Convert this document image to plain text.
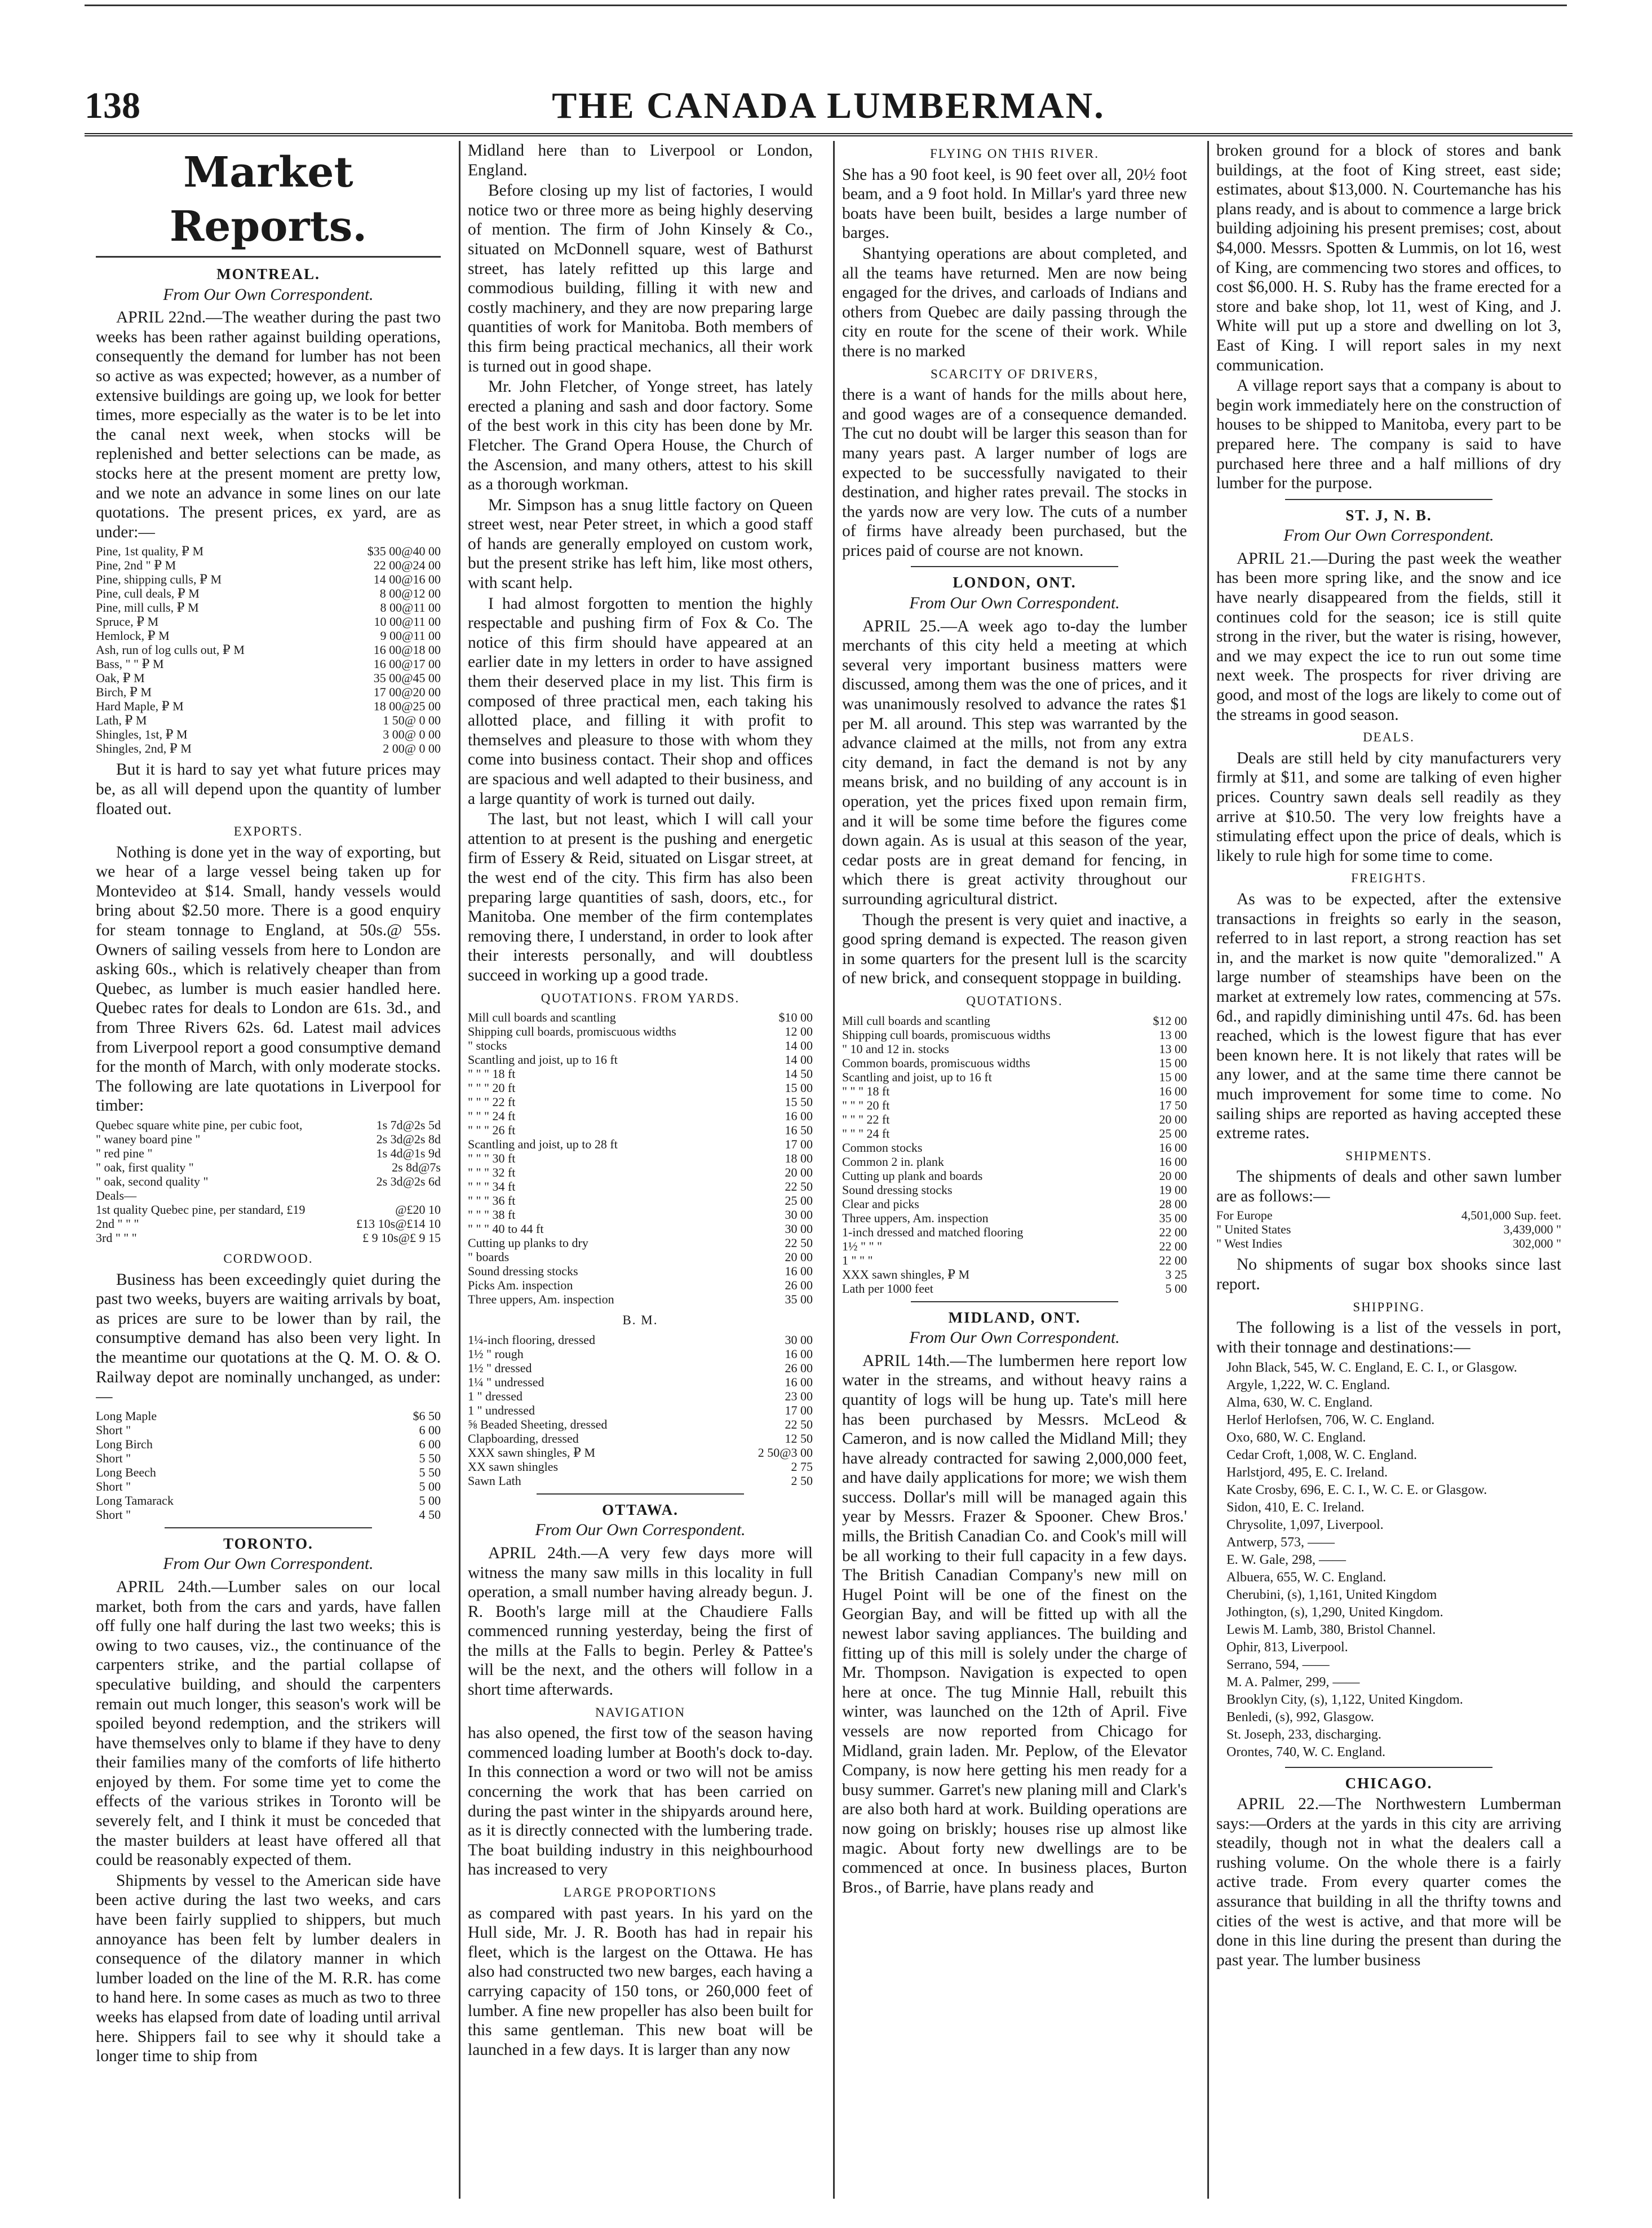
138	THE CANADA LUMBERMAN.
Market Reports.
MONTREAL.
From Our Own Correspondent.

APRIL 22nd.—The weather during the past two weeks has been rather against building operations, consequently the demand for lumber has not been so active as was expected; however, as a number of extensive buildings are going up, we look for better times, more especially as the water is to be let into the canal next week, when stocks will be replenished and better selections can be made, as stocks here at the present moment are pretty low, and we note an advance in some lines on our late quotations. The present prices, ex yard, are as under:—

Pine, 1st quality, ₽ M	$35 00@40 00
Pine, 2nd " ₽ M	22 00@24 00
Pine, shipping culls, ₽ M	14 00@16 00
Pine, cull deals, ₽ M	8 00@12 00
Pine, mill culls, ₽ M	8 00@11 00
Spruce, ₽ M	10 00@11 00
Hemlock, ₽ M	9 00@11 00
Ash, run of log culls out, ₽ M	16 00@18 00
Bass, " " ₽ M	16 00@17 00
Oak, ₽ M	35 00@45 00
Birch, ₽ M	17 00@20 00
Hard Maple, ₽ M	18 00@25 00
Lath, ₽ M	1 50@ 0 00
Shingles, 1st, ₽ M	3 00@ 0 00
Shingles, 2nd, ₽ M	2 00@ 0 00

But it is hard to say yet what future prices may be, as all will depend upon the quantity of lumber floated out.

EXPORTS.

Nothing is done yet in the way of exporting, but we hear of a large vessel being taken up for Montevideo at $14. Small, handy vessels would bring about $2.50 more. There is a good enquiry for steam tonnage to England, at 50s.@ 55s. Owners of sailing vessels from here to London are asking 60s., which is relatively cheaper than from Quebec, as lumber is much easier handled here. Quebec rates for deals to London are 61s. 3d., and from Three Rivers 62s. 6d. Latest mail advices from Liverpool report a good consumptive demand for the month of March, with only moderate stocks. The following are late quotations in Liverpool for timber:

Quebec square white pine, per cubic foot,	1s 7d@2s 5d
" waney board pine "	2s 3d@2s 8d
" red pine "	1s 4d@1s 9d
" oak, first quality "	2s 8d@7s
" oak, second quality "	2s 3d@2s 6d
Deals—	
1st quality Quebec pine, per standard, £19	@£20 10
2nd " " "	£13 10s@£14 10
3rd " " "	£ 9 10s@£ 9 15
CORDWOOD.

Business has been exceedingly quiet during the past two weeks, buyers are waiting arrivals by boat, as prices are sure to be lower than by rail, the consumptive demand has also been very light. In the meantime our quotations at the Q. M. O. & O. Railway depot are nominally unchanged, as under:—

Long Maple	$6 50
Short "	6 00
Long Birch	6 00
Short "	5 50
Long Beech	5 50
Short "	5 00
Long Tamarack	5 00
Short "	4 50
TORONTO.
From Our Own Correspondent.

APRIL 24th.—Lumber sales on our local market, both from the cars and yards, have fallen off fully one half during the last two weeks; this is owing to two causes, viz., the continuance of the carpenters strike, and the partial collapse of speculative building, and should the carpenters remain out much longer, this season's work will be spoiled beyond redemption, and the strikers will have themselves only to blame if they have to deny their families many of the comforts of life hitherto enjoyed by them. For some time yet to come the effects of the various strikes in Toronto will be severely felt, and I think it must be conceded that the master builders at least have offered all that could be reasonably expected of them.

Shipments by vessel to the American side have been active during the last two weeks, and cars have been fairly supplied to shippers, but much annoyance has been felt by lumber dealers in consequence of the dilatory manner in which lumber loaded on the line of the M. R.R. has come to hand here. In some cases as much as two to three weeks has elapsed from date of loading until arrival here. Shippers fail to see why it should take a longer time to ship from

Midland here than to Liverpool or London, England.

Before closing up my list of factories, I would notice two or three more as being highly deserving of mention. The firm of John Kinsely & Co., situated on McDonnell square, west of Bathurst street, has lately refitted up this large and commodious building, filling it with new and costly machinery, and they are now preparing large quantities of work for Manitoba. Both members of this firm being practical mechanics, all their work is turned out in good shape.

Mr. John Fletcher, of Yonge street, has lately erected a planing and sash and door factory. Some of the best work in this city has been done by Mr. Fletcher. The Grand Opera House, the Church of the Ascension, and many others, attest to his skill as a thorough workman.

Mr. Simpson has a snug little factory on Queen street west, near Peter street, in which a good staff of hands are generally employed on custom work, but the present strike has left him, like most others, with scant help.

I had almost forgotten to mention the highly respectable and pushing firm of Fox & Co. The notice of this firm should have appeared at an earlier date in my letters in order to have assigned them their deserved place in my list. This firm is composed of three practical men, each taking his allotted place, and filling it with profit to themselves and pleasure to those with whom they come into business contact. Their shop and offices are spacious and well adapted to their business, and a large quantity of work is turned out daily.

The last, but not least, which I will call your attention to at present is the pushing and energetic firm of Essery & Reid, situated on Lisgar street, at the west end of the city. This firm has also been preparing large quantities of sash, doors, etc., for Manitoba. One member of the firm contemplates removing there, I understand, in order to look after their interests personally, and will doubtless succeed in working up a good trade.

QUOTATIONS. FROM YARDS.
Mill cull boards and scantling	$10 00
Shipping cull boards, promiscuous widths	12 00
" stocks	14 00
Scantling and joist, up to 16 ft	14 00
" " " 18 ft	14 50
" " " 20 ft	15 00
" " " 22 ft	15 50
" " " 24 ft	16 00
" " " 26 ft	16 50
Scantling and joist, up to 28 ft	17 00
" " " 30 ft	18 00
" " " 32 ft	20 00
" " " 34 ft	22 50
" " " 36 ft	25 00
" " " 38 ft	30 00
" " " 40 to 44 ft	30 00
Cutting up planks to dry	22 50
" boards	20 00
Sound dressing stocks	16 00
Picks Am. inspection	26 00
Three uppers, Am. inspection	35 00
B. M.
1¼-inch flooring, dressed	30 00
1½ " rough	16 00
1½ " dressed	26 00
1¼ " undressed	16 00
1 " dressed	23 00
1 " undressed	17 00
⅝ Beaded Sheeting, dressed	22 50
Clapboarding, dressed	12 50
XXX sawn shingles, ₽ M	2 50@3 00
XX sawn shingles	2 75
Sawn Lath	2 50
OTTAWA.
From Our Own Correspondent.

APRIL 24th.—A very few days more will witness the many saw mills in this locality in full operation, a small number having already begun. J. R. Booth's large mill at the Chaudiere Falls commenced running yesterday, being the first of the mills at the Falls to begin. Perley & Pattee's will be the next, and the others will follow in a short time afterwards.

NAVIGATION

has also opened, the first tow of the season having commenced loading lumber at Booth's dock to-day. In this connection a word or two will not be amiss concerning the work that has been carried on during the past winter in the shipyards around here, as it is directly connected with the lumbering trade. The boat building industry in this neighbourhood has increased to very

LARGE PROPORTIONS

as compared with past years. In his yard on the Hull side, Mr. J. R. Booth has had in repair his fleet, which is the largest on the Ottawa. He has also had constructed two new barges, each having a carrying capacity of 150 tons, or 260,000 feet of lumber. A fine new propeller has also been built for this same gentleman. This new boat will be launched in a few days. It is larger than any now

FLYING ON THIS RIVER.

She has a 90 foot keel, is 90 feet over all, 20½ foot beam, and a 9 foot hold. In Millar's yard three new boats have been built, besides a large number of barges.

Shantying operations are about completed, and all the teams have returned. Men are now being engaged for the drives, and carloads of Indians and others from Quebec are daily passing through the city en route for the scene of their work. While there is no marked

SCARCITY OF DRIVERS,

there is a want of hands for the mills about here, and good wages are of a consequence demanded. The cut no doubt will be larger this season than for many years past. A larger number of logs are expected to be successfully navigated to their destination, and higher rates prevail. The stocks in the yards now are very low. The cuts of a number of firms have already been purchased, but the prices paid of course are not known.

LONDON, ONT.
From Our Own Correspondent.

APRIL 25.—A week ago to-day the lumber merchants of this city held a meeting at which several very important business matters were discussed, among them was the one of prices, and it was unanimously resolved to advance the rates $1 per M. all around. This step was warranted by the advance claimed at the mills, not from any extra city demand, in fact the demand is not by any means brisk, and no building of any account is in operation, yet the prices fixed upon remain firm, and it will be some time before the figures come down again. As is usual at this season of the year, cedar posts are in great demand for fencing, in which there is great activity throughout our surrounding agricultural district.

Though the present is very quiet and inactive, a good spring demand is expected. The reason given in some quarters for the present lull is the scarcity of new brick, and consequent stoppage in building.

QUOTATIONS.
Mill cull boards and scantling	$12 00
Shipping cull boards, promiscuous widths	13 00
" 10 and 12 in. stocks	13 00
Common boards, promiscuous widths	15 00
Scantling and joist, up to 16 ft	15 00
" " " 18 ft	16 00
" " " 20 ft	17 50
" " " 22 ft	20 00
" " " 24 ft	25 00
Common stocks	16 00
Common 2 in. plank	16 00
Cutting up plank and boards	20 00
Sound dressing stocks	19 00
Clear and picks	28 00
Three uppers, Am. inspection	35 00
1-inch dressed and matched flooring	22 00
1½ " " "	22 00
1 " " "	22 00
XXX sawn shingles, ₽ M	3 25
Lath per 1000 feet	5 00
MIDLAND, ONT.
From Our Own Correspondent.

APRIL 14th.—The lumbermen here report low water in the streams, and without heavy rains a quantity of logs will be hung up. Tate's mill here has been purchased by Messrs. McLeod & Cameron, and is now called the Midland Mill; they have already contracted for sawing 2,000,000 feet, and have daily applications for more; we wish them success. Dollar's mill will be managed again this year by Messrs. Frazer & Spooner. Chew Bros.' mills, the British Canadian Co. and Cook's mill will be all working to their full capacity in a few days. The British Canadian Company's new mill on Hugel Point will be one of the finest on the Georgian Bay, and will be fitted up with all the newest labor saving appliances. The building and fitting up of this mill is solely under the charge of Mr. Thompson. Navigation is expected to open here at once. The tug Minnie Hall, rebuilt this winter, was launched on the 12th of April. Five vessels are now reported from Chicago for Midland, grain laden. Mr. Peplow, of the Elevator Company, is now here getting his men ready for a busy summer. Garret's new planing mill and Clark's are also both hard at work. Building operations are now going on briskly; houses rise up almost like magic. About forty new dwellings are to be commenced at once. In business places, Burton Bros., of Barrie, have plans ready and

broken ground for a block of stores and bank buildings, at the foot of King street, east side; estimates, about $13,000. N. Courtemanche has his plans ready, and is about to commence a large brick building adjoining his present premises; cost, about $4,000. Messrs. Spotten & Lummis, on lot 16, west of King, are commencing two stores and offices, to cost $6,000. H. S. Ruby has the frame erected for a store and bake shop, lot 11, west of King, and J. White will put up a store and dwelling on lot 3, East of King. I will report sales in my next communication.

A village report says that a company is about to begin work immediately here on the construction of houses to be shipped to Manitoba, every part to be prepared here. The company is said to have purchased here three and a half millions of dry lumber for the purpose.

ST. J, N. B.
From Our Own Correspondent.

APRIL 21.—During the past week the weather has been more spring like, and the snow and ice have nearly disappeared from the fields, still it continues cold for the season; ice is still quite strong in the river, but the water is rising, however, and we may expect the ice to run out some time next week. The prospects for river driving are good, and most of the logs are likely to come out of the streams in good season.

DEALS.

Deals are still held by city manufacturers very firmly at $11, and some are talking of even higher prices. Country sawn deals sell readily as they arrive at $10.50. The very low freights have a stimulating effect upon the price of deals, which is likely to rule high for some time to come.

FREIGHTS.

As was to be expected, after the extensive transactions in freights so early in the season, referred to in last report, a strong reaction has set in, and the market is now quite "demoralized." A large number of steamships have been on the market at extremely low rates, commencing at 57s. 6d., and rapidly diminishing until 47s. 6d. has been reached, which is the lowest figure that has ever been known here. It is not likely that rates will be any lower, and at the same time there cannot be much improvement for some time to come. No sailing ships are reported as having accepted these extreme rates.

SHIPMENTS.

The shipments of deals and other sawn lumber are as follows:—

For Europe	4,501,000 Sup. feet.
" United States	3,439,000 "
" West Indies	302,000 "

No shipments of sugar box shooks since last report.

SHIPPING.

The following is a list of the vessels in port, with their tonnage and destinations:—

John Black, 545, W. C. England, E. C. I., or Glasgow.
Argyle, 1,222, W. C. England.
Alma, 630, W. C. England.
Herlof Herlofsen, 706, W. C. England.
Oxo, 680, W. C. England.
Cedar Croft, 1,008, W. C. England.
Harlstjord, 495, E. C. Ireland.
Kate Crosby, 696, E. C. I., W. C. E. or Glasgow.
Sidon, 410, E. C. Ireland.
Chrysolite, 1,097, Liverpool.
Antwerp, 573, ——
E. W. Gale, 298, ——
Albuera, 655, W. C. England.
Cherubini, (s), 1,161, United Kingdom
Jothington, (s), 1,290, United Kingdom.
Lewis M. Lamb, 380, Bristol Channel.
Ophir, 813, Liverpool.
Serrano, 594, ——
M. A. Palmer, 299, ——
Brooklyn City, (s), 1,122, United Kingdom.
Benledi, (s), 992, Glasgow.
St. Joseph, 233, discharging.
Orontes, 740, W. C. England.
CHICAGO.

APRIL 22.—The Northwestern Lumberman says:—Orders at the yards in this city are arriving steadily, though not in what the dealers call a rushing volume. On the whole there is a fairly active trade. From every quarter comes the assurance that building in all the thrifty towns and cities of the west is active, and that more will be done in this line during the present than during the past year. The lumber business
